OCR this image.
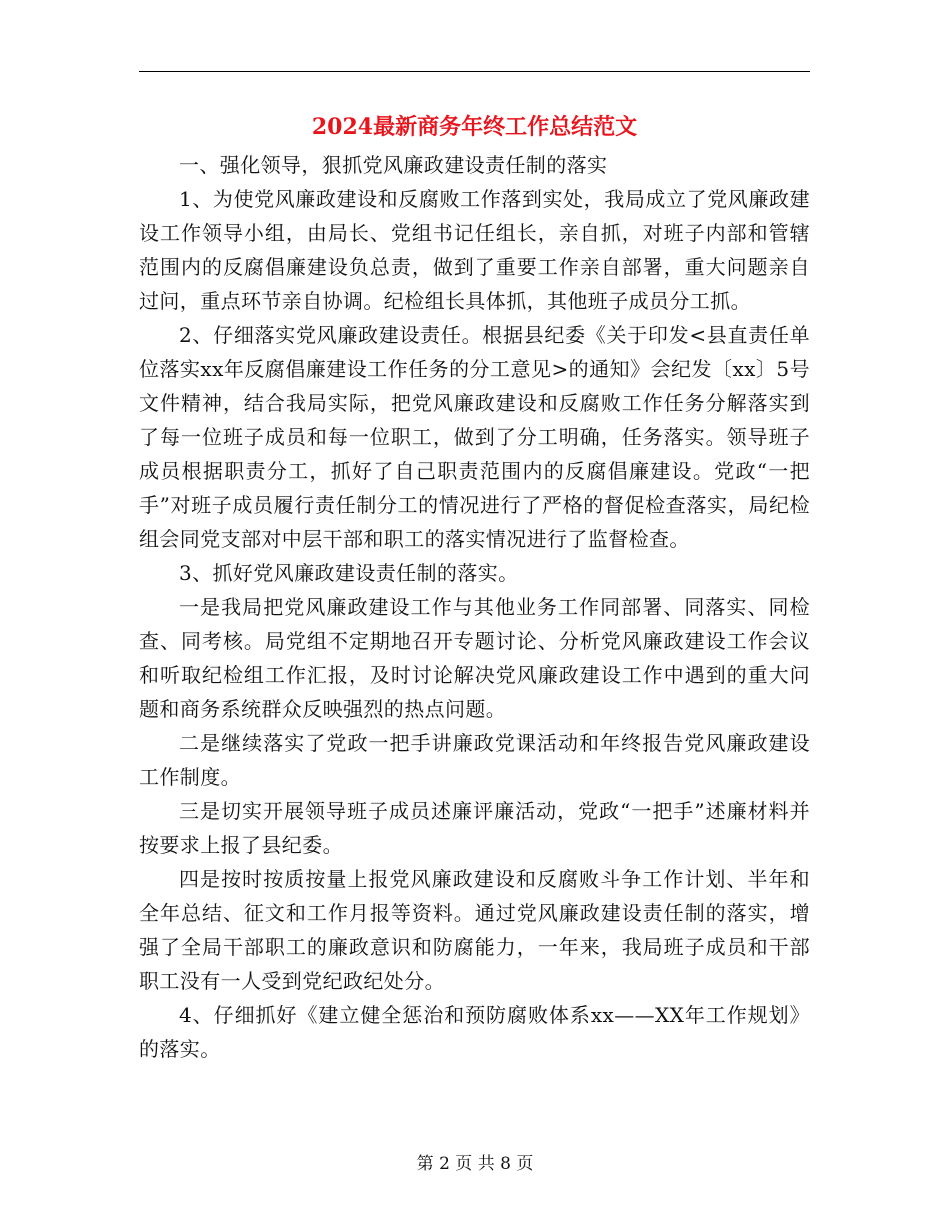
2024最新商务年终工作总结范文

一、强化领导，狠抓党风廉政建设责任制的落实

1、为使党风廉政建设和反腐败工作落到实处，我局成立了党风廉政建设工作领导小组，由局长、党组书记任组长，亲自抓，对班子内部和管辖范围内的反腐倡廉建设负总责，做到了重要工作亲自部署，重大问题亲自过问，重点环节亲自协调。纪检组长具体抓，其他班子成员分工抓。

2、仔细落实党风廉政建设责任。根据县纪委《关于印发<县直责任单位落实xx年反腐倡廉建设工作任务的分工意见>的通知》会纪发〔xx〕5号文件精神，结合我局实际，把党风廉政建设和反腐败工作任务分解落实到了每一位班子成员和每一位职工，做到了分工明确，任务落实。领导班子成员根据职责分工，抓好了自己职责范围内的反腐倡廉建设。党政“一把手”对班子成员履行责任制分工的情况进行了严格的督促检查落实，局纪检组会同党支部对中层干部和职工的落实情况进行了监督检查。

3、抓好党风廉政建设责任制的落实。

一是我局把党风廉政建设工作与其他业务工作同部署、同落实、同检查、同考核。局党组不定期地召开专题讨论、分析党风廉政建设工作会议和听取纪检组工作汇报，及时讨论解决党风廉政建设工作中遇到的重大问题和商务系统群众反映强烈的热点问题。

二是继续落实了党政一把手讲廉政党课活动和年终报告党风廉政建设工作制度。

三是切实开展领导班子成员述廉评廉活动，党政“一把手”述廉材料并按要求上报了县纪委。

四是按时按质按量上报党风廉政建设和反腐败斗争工作计划、半年和全年总结、征文和工作月报等资料。通过党风廉政建设责任制的落实，增强了全局干部职工的廉政意识和防腐能力，一年来，我局班子成员和干部职工没有一人受到党纪政纪处分。

4、仔细抓好《建立健全惩治和预防腐败体系xx——XX年工作规划》的落实。

第 2 页 共 8 页
